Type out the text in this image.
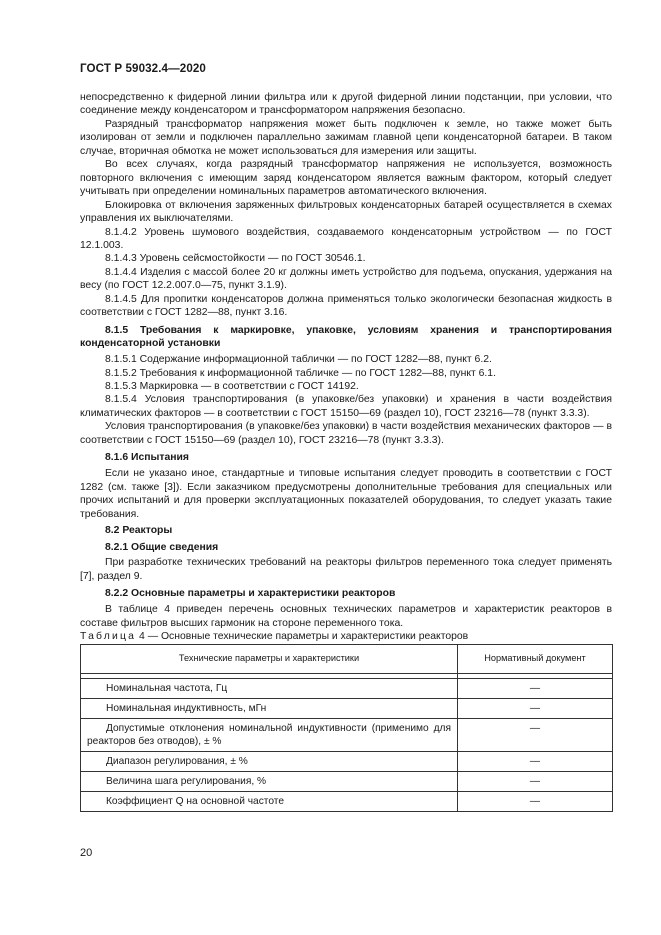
ГОСТ Р 59032.4—2020

непосредственно к фидерной линии фильтра или к другой фидерной линии подстанции, при условии, что соединение между конденсатором и трансформатором напряжения безопасно.

Разрядный трансформатор напряжения может быть подключен к земле, но также может быть изолирован от земли и подключен параллельно зажимам главной цепи конденсаторной батареи. В таком случае, вторичная обмотка не может использоваться для измерения или защиты.

Во всех случаях, когда разрядный трансформатор напряжения не используется, возможность повторного включения с имеющим заряд конденсатором является важным фактором, который следует учитывать при определении номинальных параметров автоматического включения.

Блокировка от включения заряженных фильтровых конденсаторных батарей осуществляется в схемах управления их выключателями.

8.1.4.2 Уровень шумового воздействия, создаваемого конденсаторным устройством — по ГОСТ 12.1.003.

8.1.4.3 Уровень сейсмостойкости — по ГОСТ 30546.1.

8.1.4.4 Изделия с массой более 20 кг должны иметь устройство для подъема, опускания, удержания на весу (по ГОСТ 12.2.007.0—75, пункт 3.1.9).

8.1.4.5 Для пропитки конденсаторов должна применяться только экологически безопасная жидкость в соответствии с ГОСТ 1282—88, пункт 3.16.

8.1.5 Требования к маркировке, упаковке, условиям хранения и транспортирования конденсаторной установки

8.1.5.1 Содержание информационной таблички — по ГОСТ 1282—88, пункт 6.2.

8.1.5.2 Требования к информационной табличке — по ГОСТ 1282—88, пункт 6.1.

8.1.5.3 Маркировка — в соответствии с ГОСТ 14192.

8.1.5.4 Условия транспортирования (в упаковке/без упаковки) и хранения в части воздействия климатических факторов — в соответствии с ГОСТ 15150—69 (раздел 10), ГОСТ 23216—78 (пункт 3.3.3).

Условия транспортирования (в упаковке/без упаковки) в части воздействия механических факторов — в соответствии с ГОСТ 15150—69 (раздел 10), ГОСТ 23216—78 (пункт 3.3.3).

8.1.6 Испытания

Если не указано иное, стандартные и типовые испытания следует проводить в соответствии с ГОСТ 1282 (см. также [3]). Если заказчиком предусмотрены дополнительные требования для специальных или прочих испытаний и для проверки эксплуатационных показателей оборудования, то следует указать такие требования.

8.2 Реакторы

8.2.1 Общие сведения

При разработке технических требований на реакторы фильтров переменного тока следует применять [7], раздел 9.

8.2.2 Основные параметры и характеристики реакторов

В таблице 4 приведен перечень основных технических параметров и характеристик реакторов в составе фильтров высших гармоник на стороне переменного тока.

Таблица 4 — Основные технические параметры и характеристики реакторов

Технические параметры и характеристики	Нормативный документ

Номинальная частота, Гц	—
Номинальная индуктивность, мГн	—
Допустимые отклонения номинальной индуктивности (применимо для реакторов без отводов), ± %	—
Диапазон регулирования, ± %	—
Величина шага регулирования, %	—
Коэффициент Q на основной частоте	—
20
